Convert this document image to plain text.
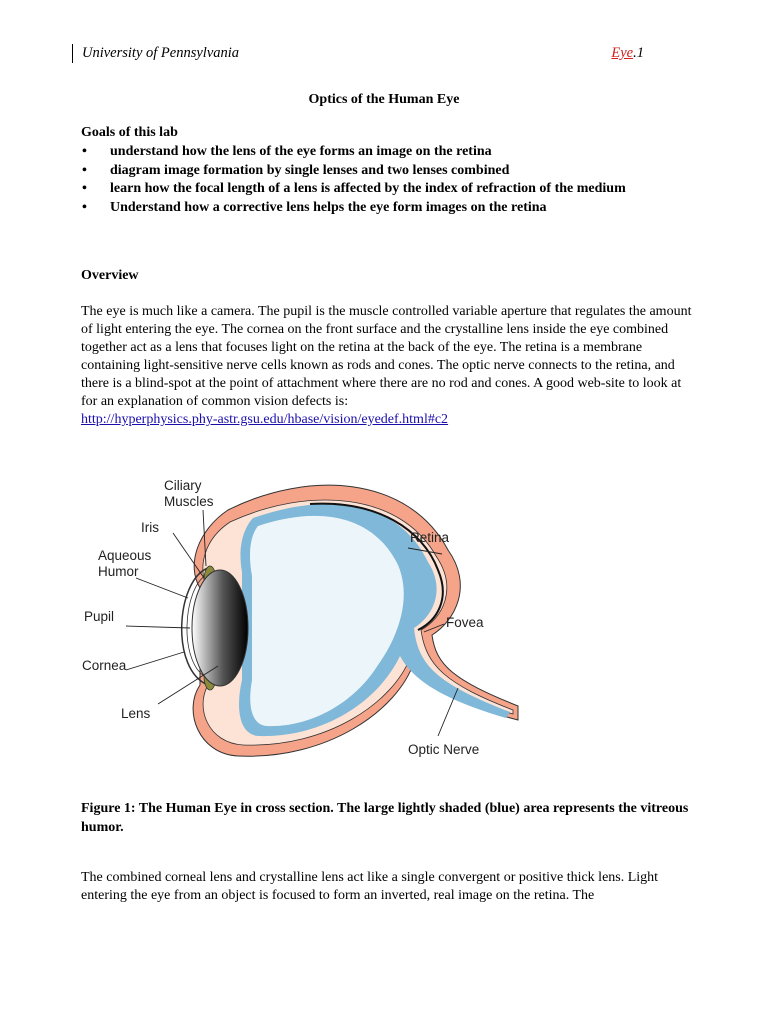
University of Pennsylvania	Eye.1
Optics of the Human Eye
Goals of this lab
• understand how the lens of the eye forms an image on the retina
• diagram image formation by single lenses and two lenses combined
• learn how the focal length of a lens is affected by the index of refraction of the medium
• Understand how a corrective lens helps the eye form images on the retina
Overview

The eye is much like a camera. The pupil is the muscle controlled variable aperture that regulates the amount of light entering the eye. The cornea on the front surface and the crystalline lens inside the eye combined together act as a lens that focuses light on the retina at the back of the eye. The retina is a membrane containing light-sensitive nerve cells known as rods and cones. The optic nerve connects to the retina, and there is a blind-spot at the point of attachment where there are no rod and cones. A good web-site to look at for an explanation of common vision defects is:
http://hyperphysics.phy-astr.gsu.edu/hbase/vision/eyedef.html#c2

Ciliary
Muscles
Iris
Aqueous
Humor
Pupil
Cornea
Lens
Retina
Fovea
Optic Nerve

Figure 1: The Human Eye in cross section. The large lightly shaded (blue) area represents the vitreous humor.

The combined corneal lens and crystalline lens act like a single convergent or positive thick lens. Light entering the eye from an object is focused to form an inverted, real image on the retina. The
